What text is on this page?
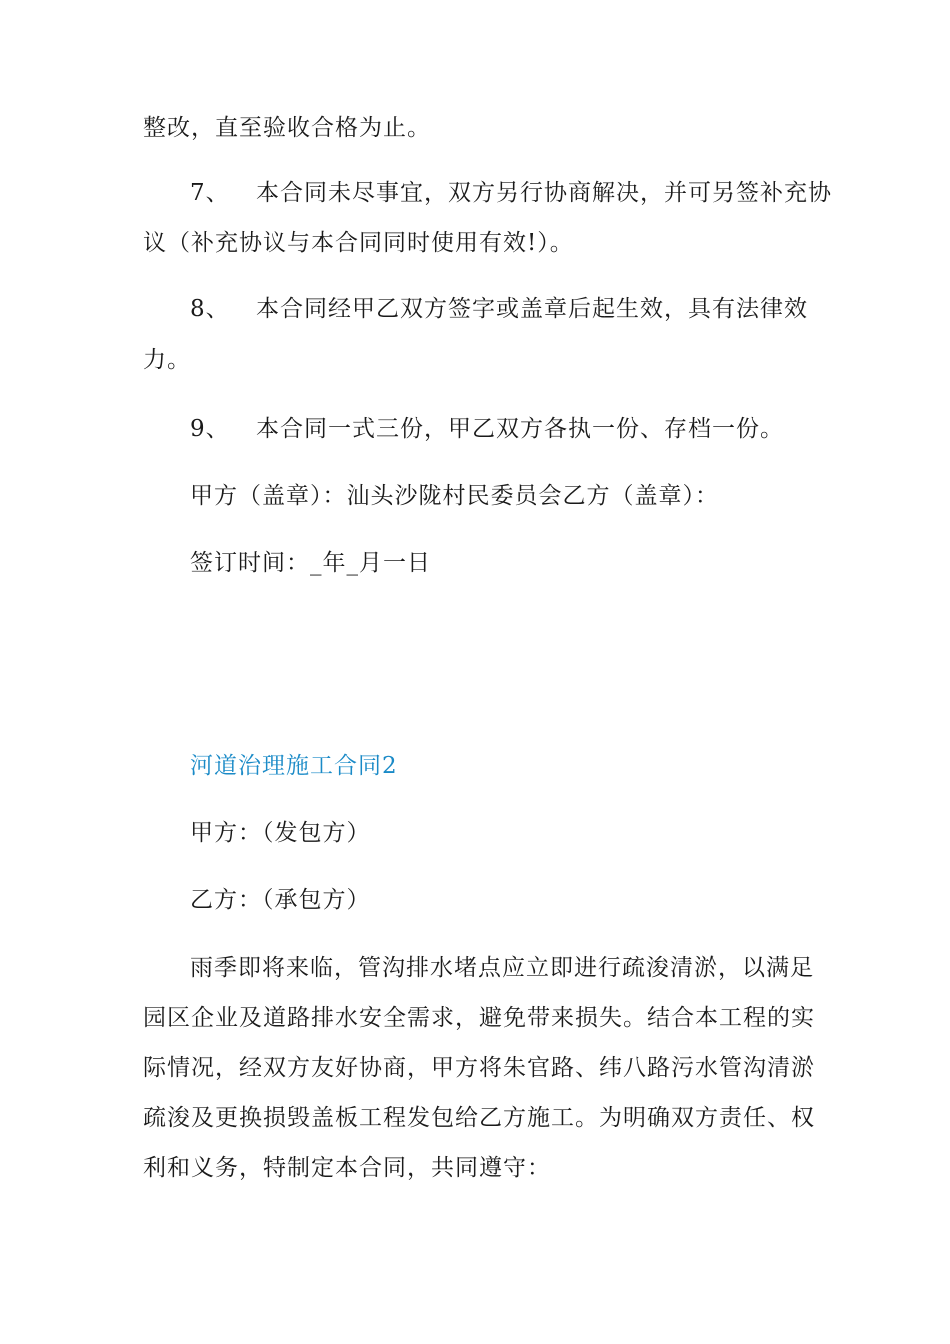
整改，直至验收合格为止。
7、 本合同未尽事宜，双方另行协商解决，并可另签补充协
议（补充协议与本合同同时使用有效!）。
8、 本合同经甲乙双方签字或盖章后起生效，具有法律效
力。
9、 本合同一式三份，甲乙双方各执一份、存档一份。
甲方（盖章）：汕头沙陇村民委员会乙方（盖章）：
签订时间：_年_月一日
河道治理施工合同2
甲方：（发包方）
乙方：（承包方）
雨季即将来临，管沟排水堵点应立即进行疏浚清淤，以满足
园区企业及道路排水安全需求，避免带来损失。结合本工程的实
际情况，经双方友好协商，甲方将朱官路、纬八路污水管沟清淤
疏浚及更换损毁盖板工程发包给乙方施工。为明确双方责任、权
利和义务，特制定本合同，共同遵守：
